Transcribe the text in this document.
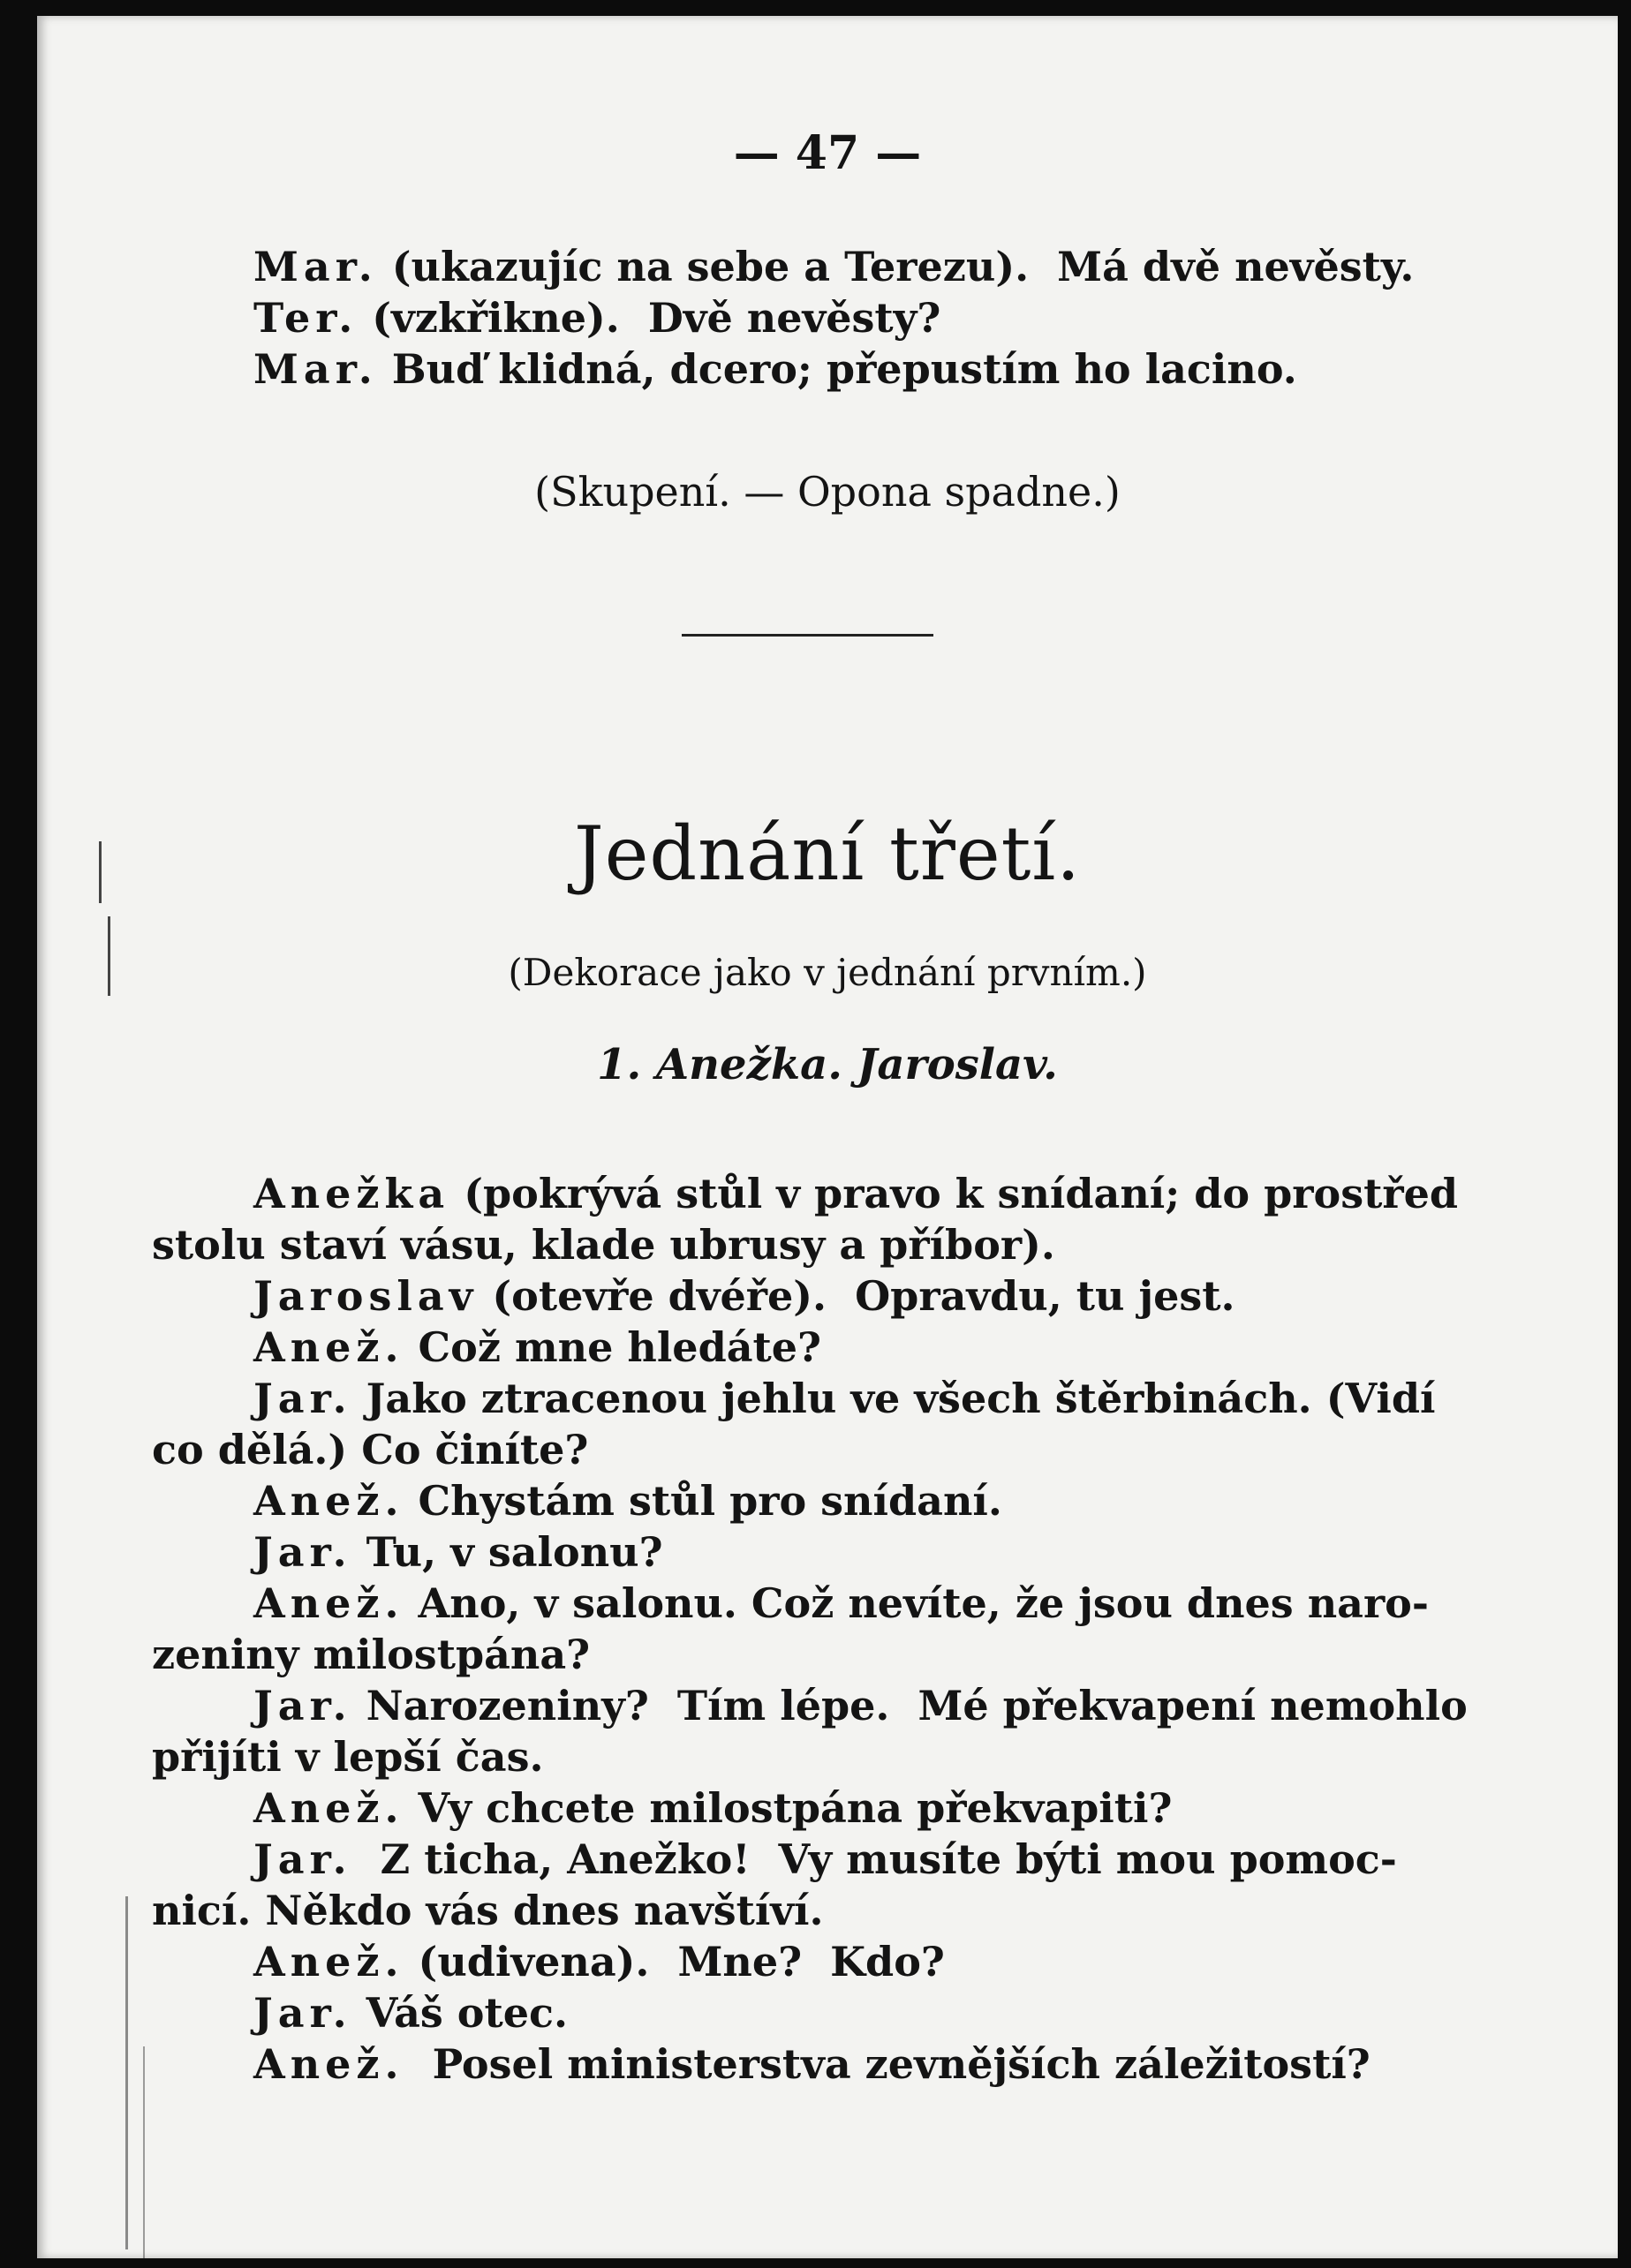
— 47 —
Mar. (ukazujíc na sebe a Terezu).  Má dvě nevěsty.
Ter. (vzkřikne).  Dvě nevěsty?
Mar. Buď klidná, dcero; přepustím ho lacino.
(Skupení. — Opona spadne.)
Jednání třetí.
(Dekorace jako v jednání prvním.)
1. Anežka. Jaroslav.
Anežka (pokrývá stůl v pravo k snídaní; do prostřed
stolu staví vásu, klade ubrusy a příbor).
Jaroslav (otevře dvéře).  Opravdu, tu jest.
Anež. Což mne hledáte?
Jar. Jako ztracenou jehlu ve všech štěrbinách. (Vidí
co dělá.) Co činíte?
Anež. Chystám stůl pro snídaní.
Jar. Tu, v salonu?
Anež. Ano, v salonu. Což nevíte, že jsou dnes naro-
zeniny milostpána?
Jar. Narozeniny?  Tím lépe.  Mé překvapení nemohlo
přijíti v lepší čas.
Anež. Vy chcete milostpána překvapiti?
Jar.  Z ticha, Anežko!  Vy musíte býti mou pomoc-
nicí. Někdo vás dnes navštíví.
Anež. (udivena).  Mne?  Kdo?
Jar. Váš otec.
Anež.  Posel ministerstva zevnějších záležitostí?
